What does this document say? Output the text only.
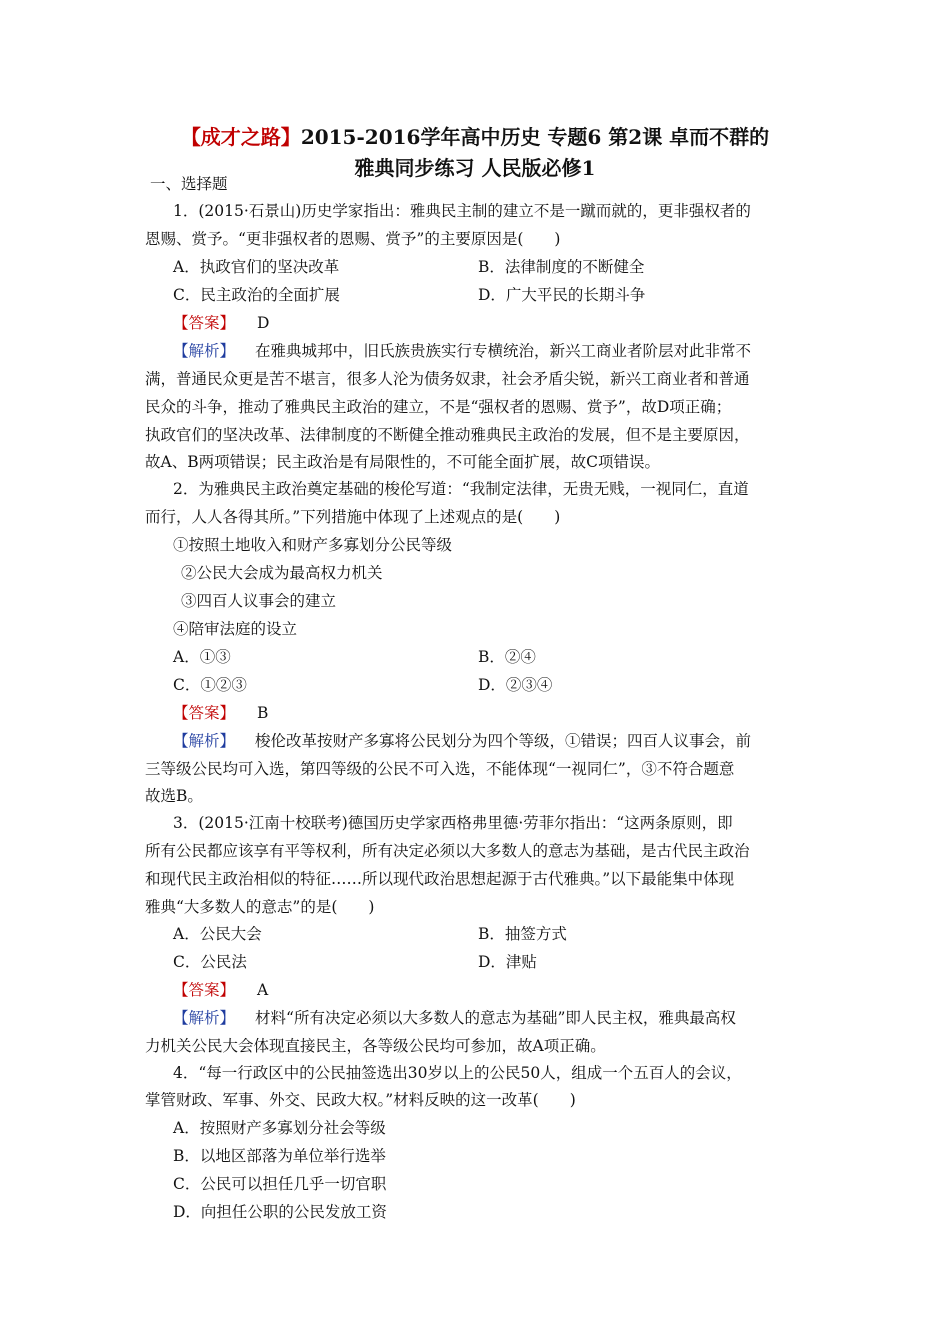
【成才之路】2015-2016学年高中历史 专题6 第2课 卓而不群的
雅典同步练习 人民版必修1
一、选择题
1．(2015·石景山)历史学家指出：雅典民主制的建立不是一蹴而就的，更非强权者的
恩赐、赏予。“更非强权者的恩赐、赏予”的主要原因是(　　)
A．执政官们的坚决改革	B．法律制度的不断健全
C．民主政治的全面扩展	D．广大平民的长期斗争
【答案】 D
【解析】 在雅典城邦中，旧氏族贵族实行专横统治，新兴工商业者阶层对此非常不
满，普通民众更是苦不堪言，很多人沦为债务奴隶，社会矛盾尖锐，新兴工商业者和普通
民众的斗争，推动了雅典民主政治的建立，不是“强权者的恩赐、赏予”，故D项正确；
执政官们的坚决改革、法律制度的不断健全推动雅典民主政治的发展，但不是主要原因，
故A、B两项错误；民主政治是有局限性的，不可能全面扩展，故C项错误。
2．为雅典民主政治奠定基础的梭伦写道：“我制定法律，无贵无贱，一视同仁，直道
而行，人人各得其所。”下列措施中体现了上述观点的是(　　)
①按照土地收入和财产多寡划分公民等级
②公民大会成为最高权力机关
③四百人议事会的建立
④陪审法庭的设立
A．①③	B．②④
C．①②③	D．②③④
【答案】 B
【解析】 梭伦改革按财产多寡将公民划分为四个等级，①错误；四百人议事会，前
三等级公民均可入选，第四等级的公民不可入选，不能体现“一视同仁”，③不符合题意
故选B。
3．(2015·江南十校联考)德国历史学家西格弗里德·劳菲尔指出：“这两条原则，即
所有公民都应该享有平等权利，所有决定必须以大多数人的意志为基础，是古代民主政治
和现代民主政治相似的特征……所以现代政治思想起源于古代雅典。”以下最能集中体现
雅典“大多数人的意志”的是(　　)
A．公民大会	B．抽签方式
C．公民法	D．津贴
【答案】 A
【解析】 材料“所有决定必须以大多数人的意志为基础”即人民主权，雅典最高权
力机关公民大会体现直接民主，各等级公民均可参加，故A项正确。
4．“每一行政区中的公民抽签选出30岁以上的公民50人，组成一个五百人的会议，
掌管财政、军事、外交、民政大权。”材料反映的这一改革(　　)
A．按照财产多寡划分社会等级
B．以地区部落为单位举行选举
C．公民可以担任几乎一切官职
D．向担任公职的公民发放工资
